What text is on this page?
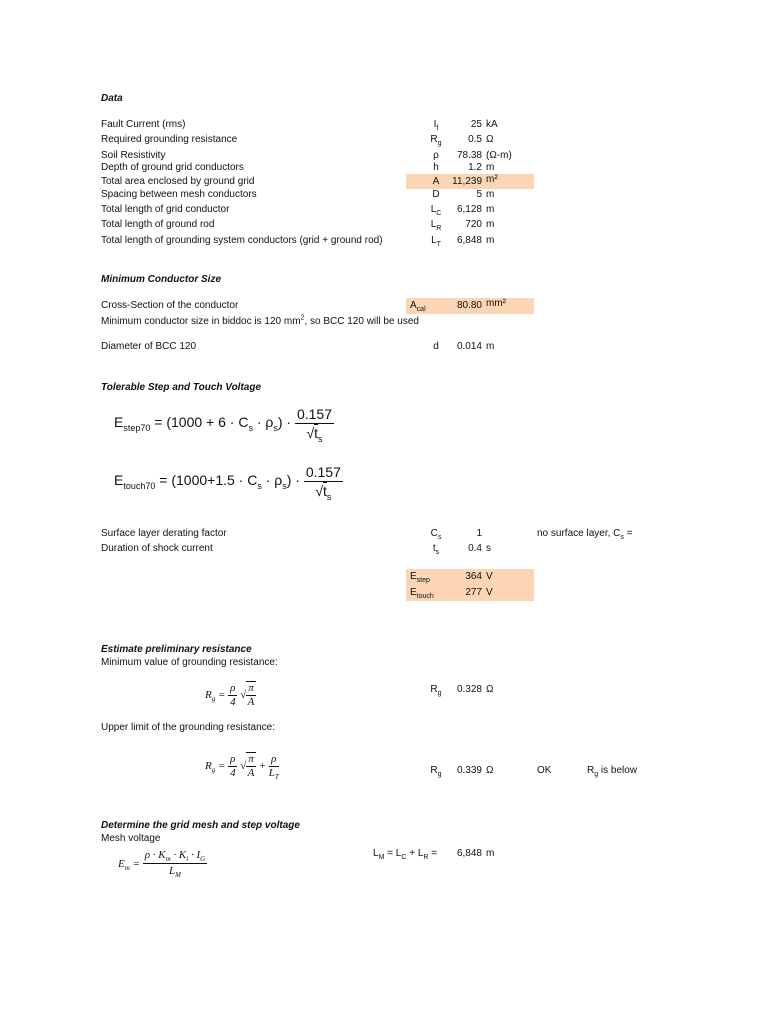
Data
Fault Current (rms)	$I_f$	25 kA
Required grounding resistance	$R_g$	0.5 Ω
Soil Resistivity	ρ	78.38 (Ω-m)
Depth of ground grid conductors	h	1.2 m
Total area enclosed by ground grid	A	11,239 m²
Spacing between mesh conductors	D	5 m
Total length of grid conductor	$L_C$	6,128 m
Total length of ground rod	$L_R$	720 m
Total length of grounding system conductors (grid + ground rod)	$L_T$	6,848 m
Minimum Conductor Size
Cross-Section of the conductor	$A_{cal}$	80.80 mm²
Minimum conductor size in biddoc is 120 $mm^2$, so BCC 120 will be used
Diameter of BCC 120	d	0.014 m
Tolerable Step and Touch Voltage
$E_{step70} = (1000 + 6 \cdot C_s \cdot \rho_s) \cdot \frac{0.157}{√t_s}$
$E_{touch70} = (1000+1.5 \cdot C_s \cdot \rho_s) \cdot \frac{0.157}{√t_s}$
Surface layer derating factor	$C_s$	1	no surface layer, $C_s$ =
Duration of shock current	$t_s$	0.4 s
$E_{step}$	364 V
$E_{touch}$	277 V
Estimate preliminary resistance
Minimum value of grounding resistance:
$R_g = \frac{\rho}{4}$ √ $\frac{\pi}{A}$	$R_g$	0.328 Ω
Upper limit of the grounding resistance:
$R_g = \frac{\rho}{4}$ √ $\frac{\pi}{A} + \frac{\rho}{L_T}$	$R_g$	0.339 Ω	OK	$R_g$ is below
Determine the grid mesh and step voltage
Mesh voltage
$E_m = \frac{\rho \cdot K_m \cdot K_i \cdot I_G}{L_M}$	$L_M = L_C + L_R$ =	6,848 m
